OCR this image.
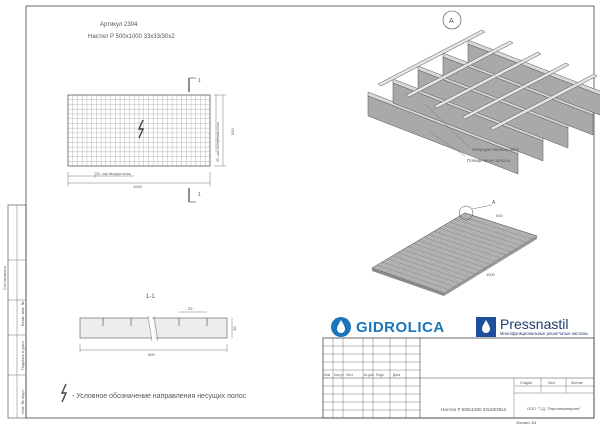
Согласовано
Взам. инв. №
Подпись и дата
Инв. № подл.
Артикул 2304
Настил Р 500х1000 33х33/30х2
1
1
33 - шаг несущих полос
1000
33 - шаг поперечных полос	500
А
Несущие полосы 30х2
Поперечные полосы
А
500
1000
1-1
33
500
30
- Условное обозначение направления несущих полос
Изм Кол.уч Лист	№ док Подп.	Дата
Стадия	Лист	Листов
Настил Р 500х1000 33х33/30х2	ООО "Т.Д. "Евроинжиниринг"
Формат А3
GIDROLICA	Pressnastil
Многофункциональные решетчатые настилы
